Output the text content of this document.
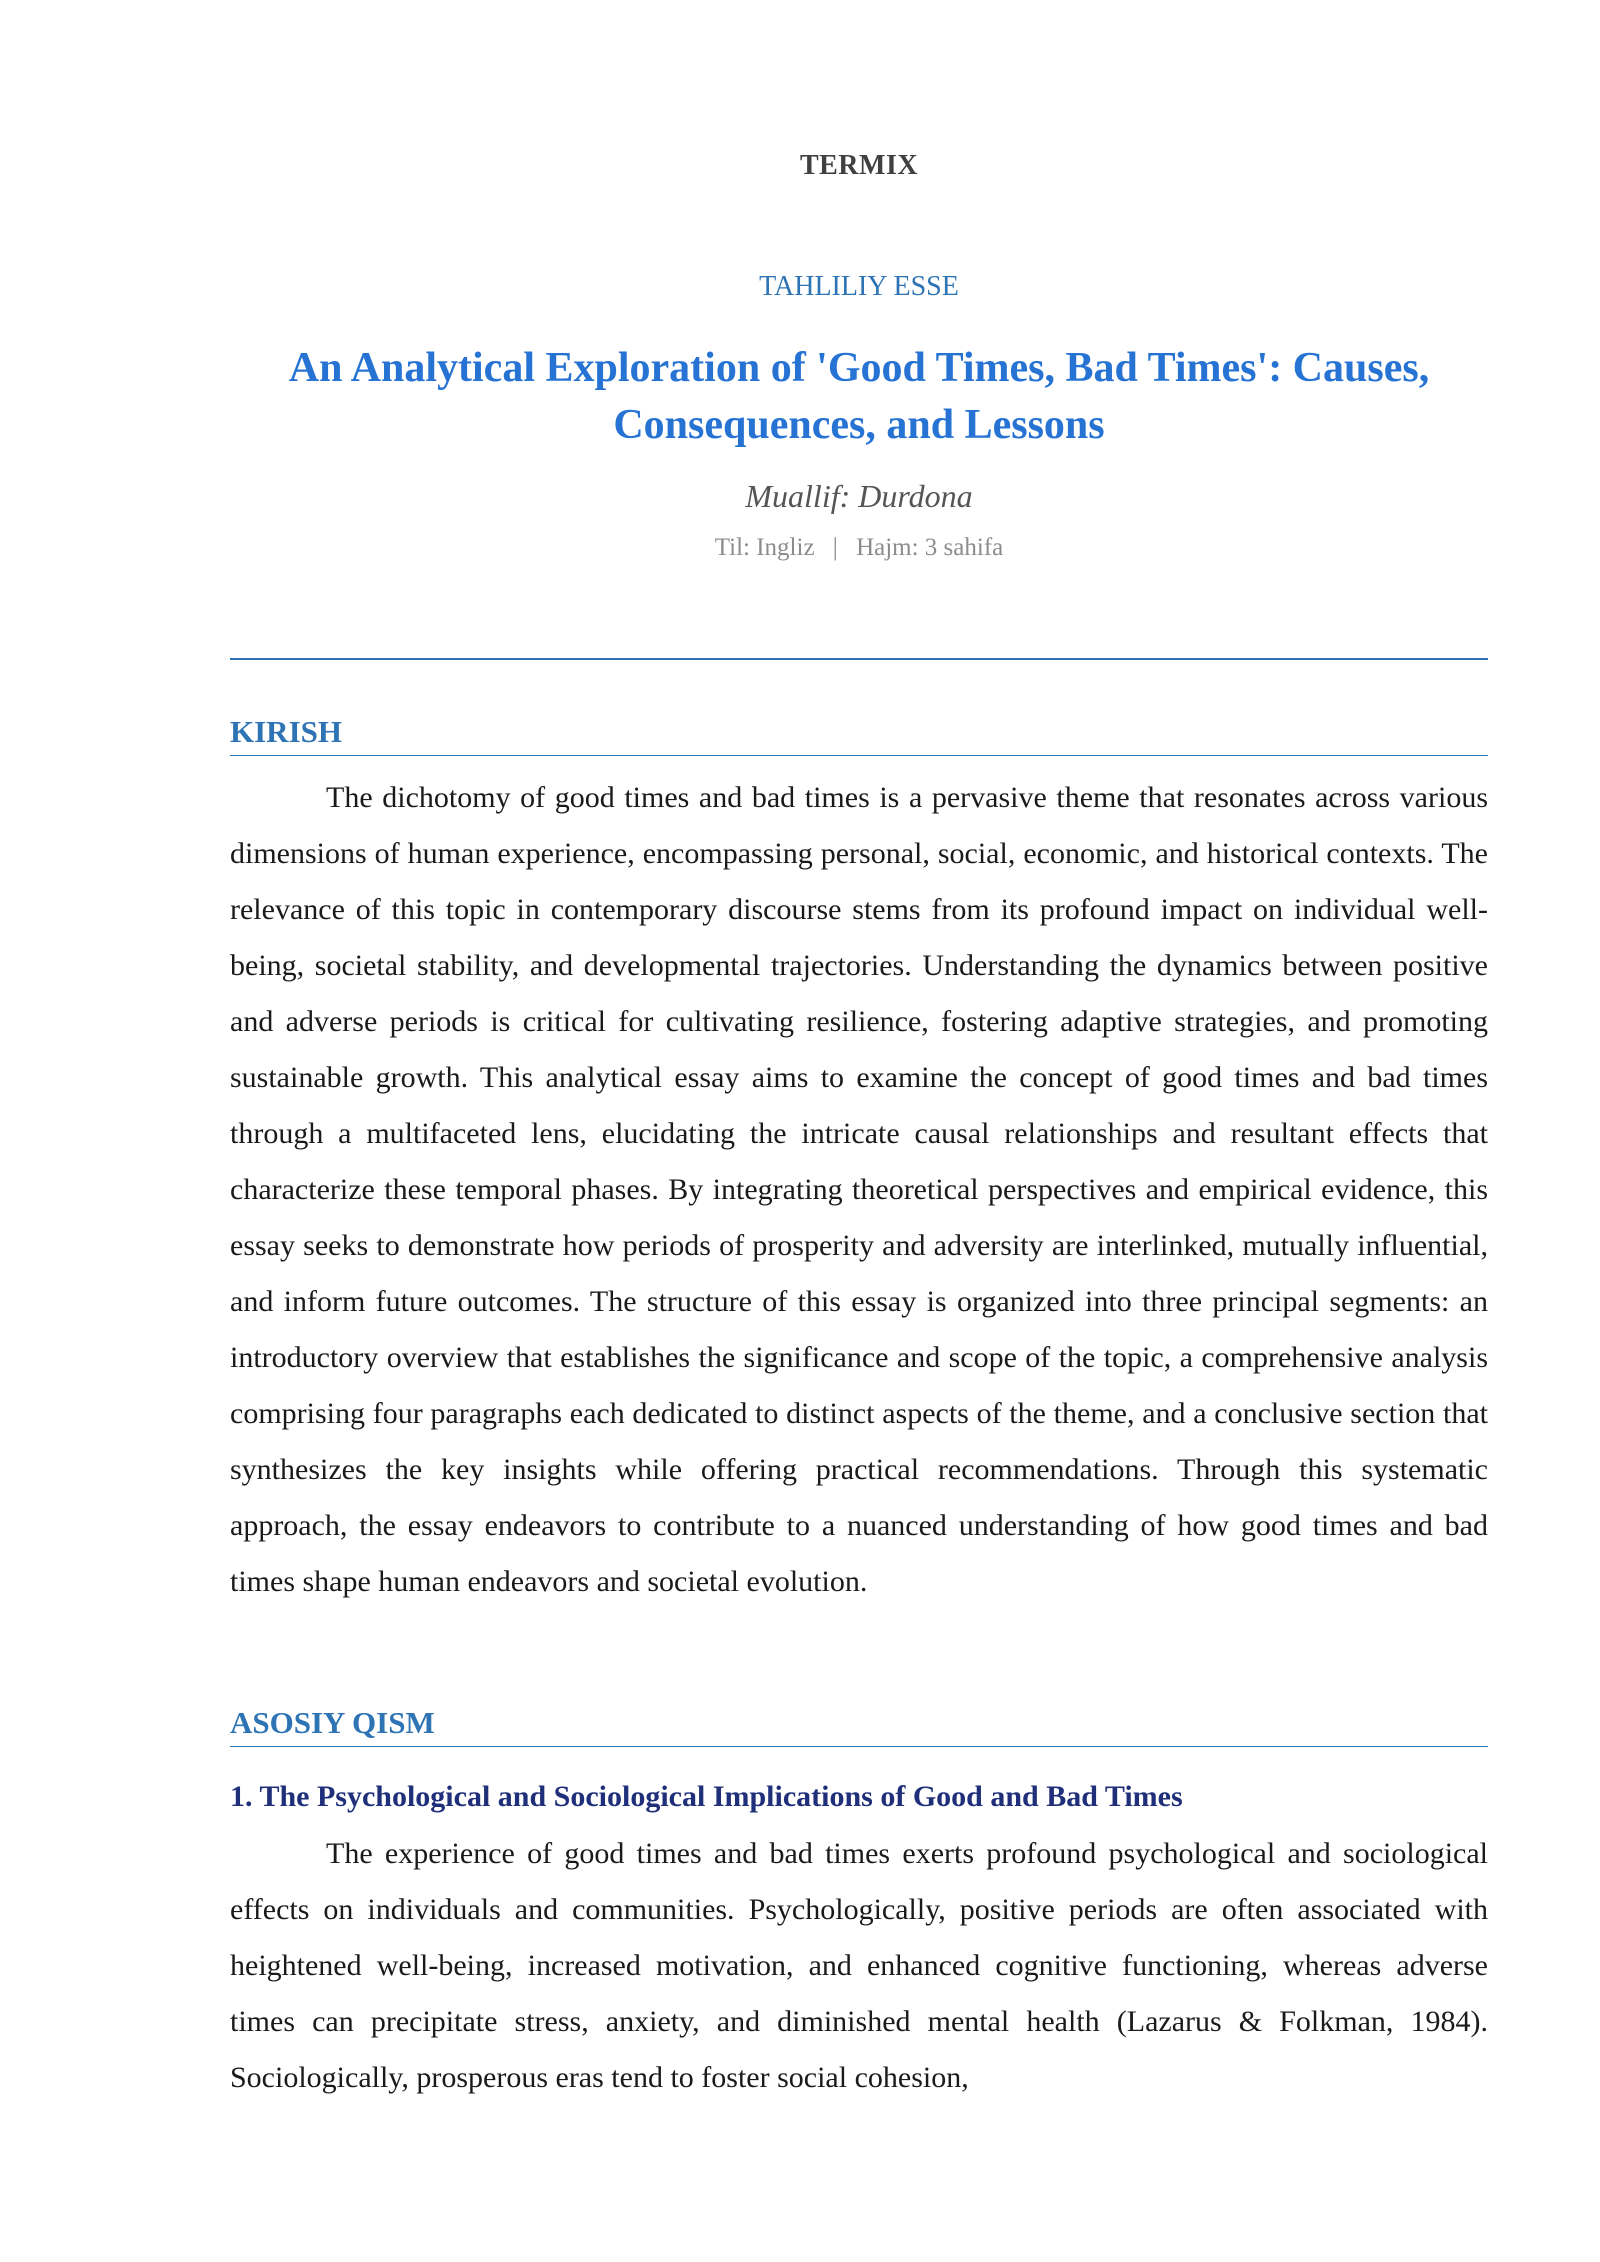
TERMIX
TAHLILIY ESSE
An Analytical Exploration of 'Good Times, Bad Times': Causes, Consequences, and Lessons
Muallif: Durdona
Til: Ingliz | Hajm: 3 sahifa
KIRISH

The dichotomy of good times and bad times is a pervasive theme that resonates across various dimensions of human experience, encompassing personal, social, economic, and historical contexts. The relevance of this topic in contemporary discourse stems from its profound impact on individual well-being, societal stability, and developmental trajectories. Understanding the dynamics between positive and adverse periods is critical for cultivating resilience, fostering adaptive strategies, and promoting sustainable growth. This analytical essay aims to examine the concept of good times and bad times through a multifaceted lens, elucidating the intricate causal relationships and resultant effects that characterize these temporal phases. By integrating theoretical perspectives and empirical evidence, this essay seeks to demonstrate how periods of prosperity and adversity are interlinked, mutually influential, and inform future outcomes. The structure of this essay is organized into three principal segments: an introductory overview that establishes the significance and scope of the topic, a comprehensive analysis comprising four paragraphs each dedicated to distinct aspects of the theme, and a conclusive section that synthesizes the key insights while offering practical recommendations. Through this systematic approach, the essay endeavors to contribute to a nuanced understanding of how good times and bad times shape human endeavors and societal evolution.

ASOSIY QISM
1. The Psychological and Sociological Implications of Good and Bad Times

The experience of good times and bad times exerts profound psychological and sociological effects on individuals and communities. Psychologically, positive periods are often associated with heightened well-being, increased motivation, and enhanced cognitive functioning, whereas adverse times can precipitate stress, anxiety, and diminished mental health (Lazarus & Folkman, 1984). Sociologically, prosperous eras tend to foster social cohesion,
